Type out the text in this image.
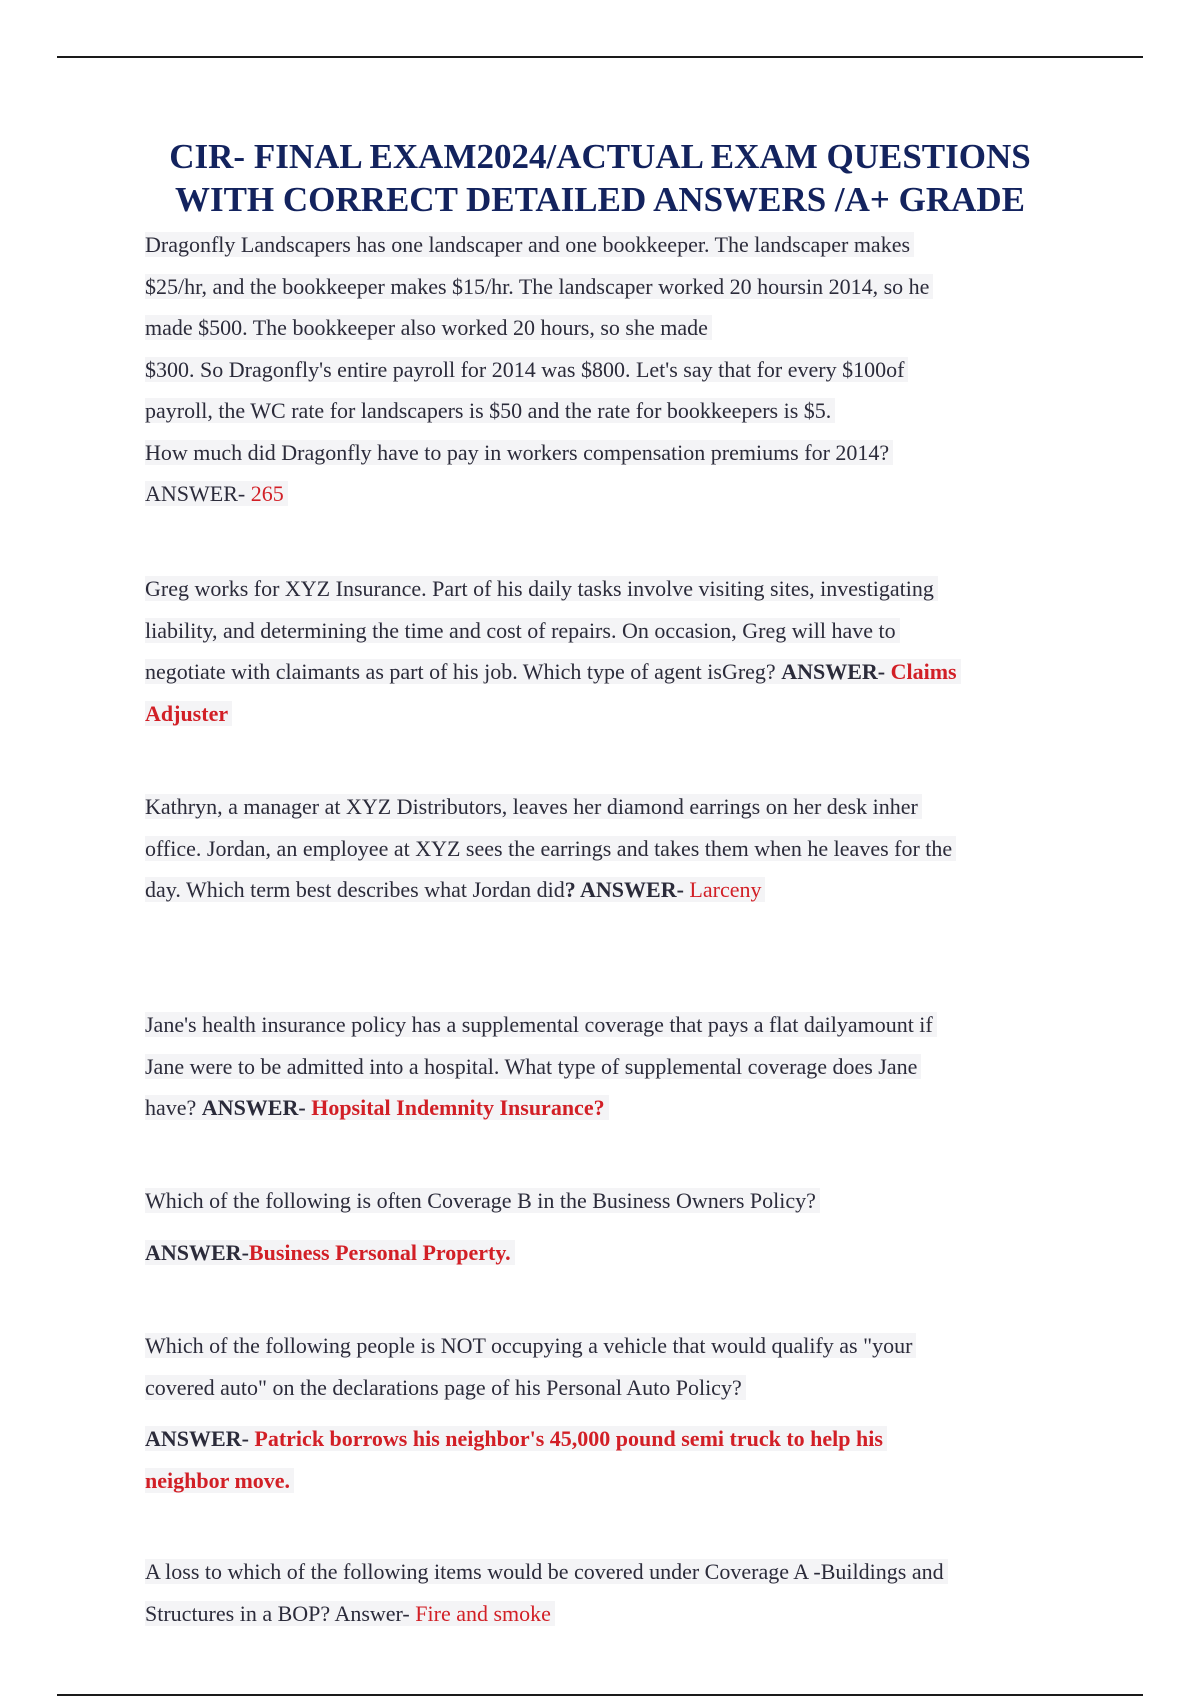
CIR- FINAL EXAM2024/ACTUAL EXAM QUESTIONS
WITH CORRECT DETAILED ANSWERS /A+ GRADE
Dragonfly Landscapers has one landscaper and one bookkeeper. The landscaper makes
$25/hr, and the bookkeeper makes $15/hr. The landscaper worked 20 hoursin 2014, so he
made $500. The bookkeeper also worked 20 hours, so she made
$300. So Dragonfly's entire payroll for 2014 was $800. Let's say that for every $100of
payroll, the WC rate for landscapers is $50 and the rate for bookkeepers is $5.
How much did Dragonfly have to pay in workers compensation premiums for 2014?
ANSWER- 265
Greg works for XYZ Insurance. Part of his daily tasks involve visiting sites, investigating
liability, and determining the time and cost of repairs. On occasion, Greg will have to
negotiate with claimants as part of his job. Which type of agent isGreg? ANSWER- Claims
Adjuster
Kathryn, a manager at XYZ Distributors, leaves her diamond earrings on her desk inher
office. Jordan, an employee at XYZ sees the earrings and takes them when he leaves for the
day. Which term best describes what Jordan did? ANSWER- Larceny
Jane's health insurance policy has a supplemental coverage that pays a flat dailyamount if
Jane were to be admitted into a hospital. What type of supplemental coverage does Jane
have? ANSWER- Hopsital Indemnity Insurance?
Which of the following is often Coverage B in the Business Owners Policy?
ANSWER-Business Personal Property.
Which of the following people is NOT occupying a vehicle that would qualify as "your
covered auto" on the declarations page of his Personal Auto Policy?
ANSWER- Patrick borrows his neighbor's 45,000 pound semi truck to help his
neighbor move.
A loss to which of the following items would be covered under Coverage A -Buildings and
Structures in a BOP? Answer- Fire and smoke
